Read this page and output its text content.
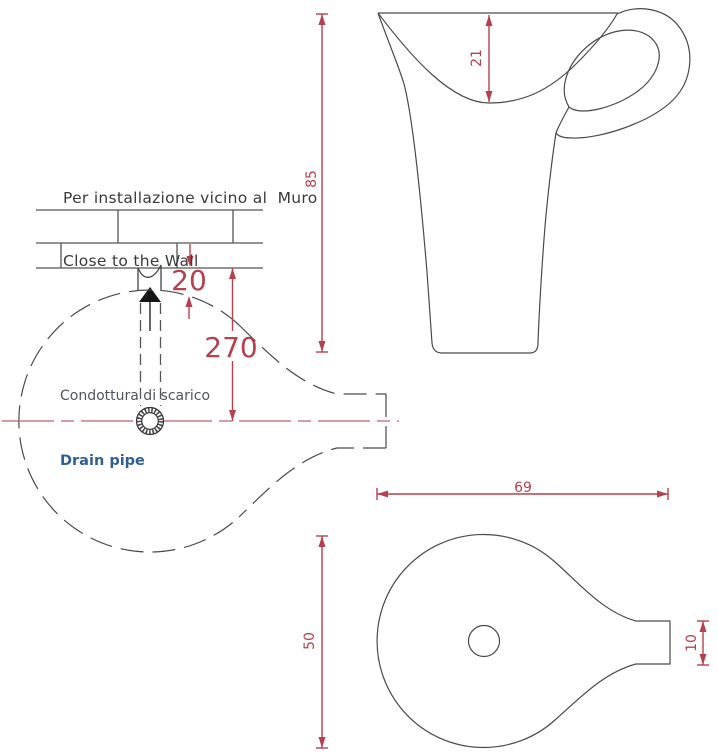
20
270
85
21
69
50	10

Per installazione vicino al  Muro

Close to the Wall

Condottura di scarico

Drain pipe
